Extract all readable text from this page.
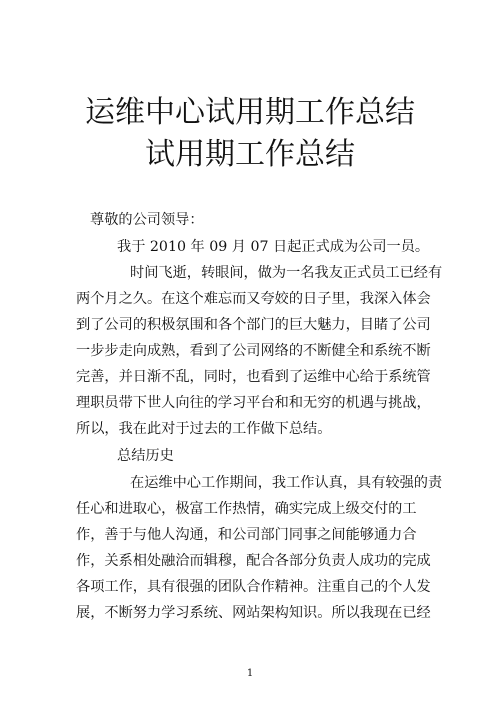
运维中心试用期工作总结
试用期工作总结
尊敬的公司领导：
我于 2010 年 09 月 07 日起正式成为公司一员。
时间飞逝，转眼间，做为一名我友正式员工已经有
两个月之久。在这个难忘而又夸姣的日子里，我深入体会
到了公司的积极氛围和各个部门的巨大魅力，目睹了公司
一步步走向成熟，看到了公司网络的不断健全和系统不断
完善，并日渐不乱，同时，也看到了运维中心给于系统管
理职员带下世人向往的学习平台和和无穷的机遇与挑战，
所以，我在此对于过去的工作做下总结。
总结历史
在运维中心工作期间，我工作认真，具有较强的责
任心和进取心，极富工作热情，确实完成上级交付的工
作，善于与他人沟通，和公司部门同事之间能够通力合
作，关系相处融洽而辑穆，配合各部分负责人成功的完成
各项工作，具有很强的团队合作精神。注重自己的个人发
展，不断努力学习系统、网站架构知识。所以我现在已经
1
